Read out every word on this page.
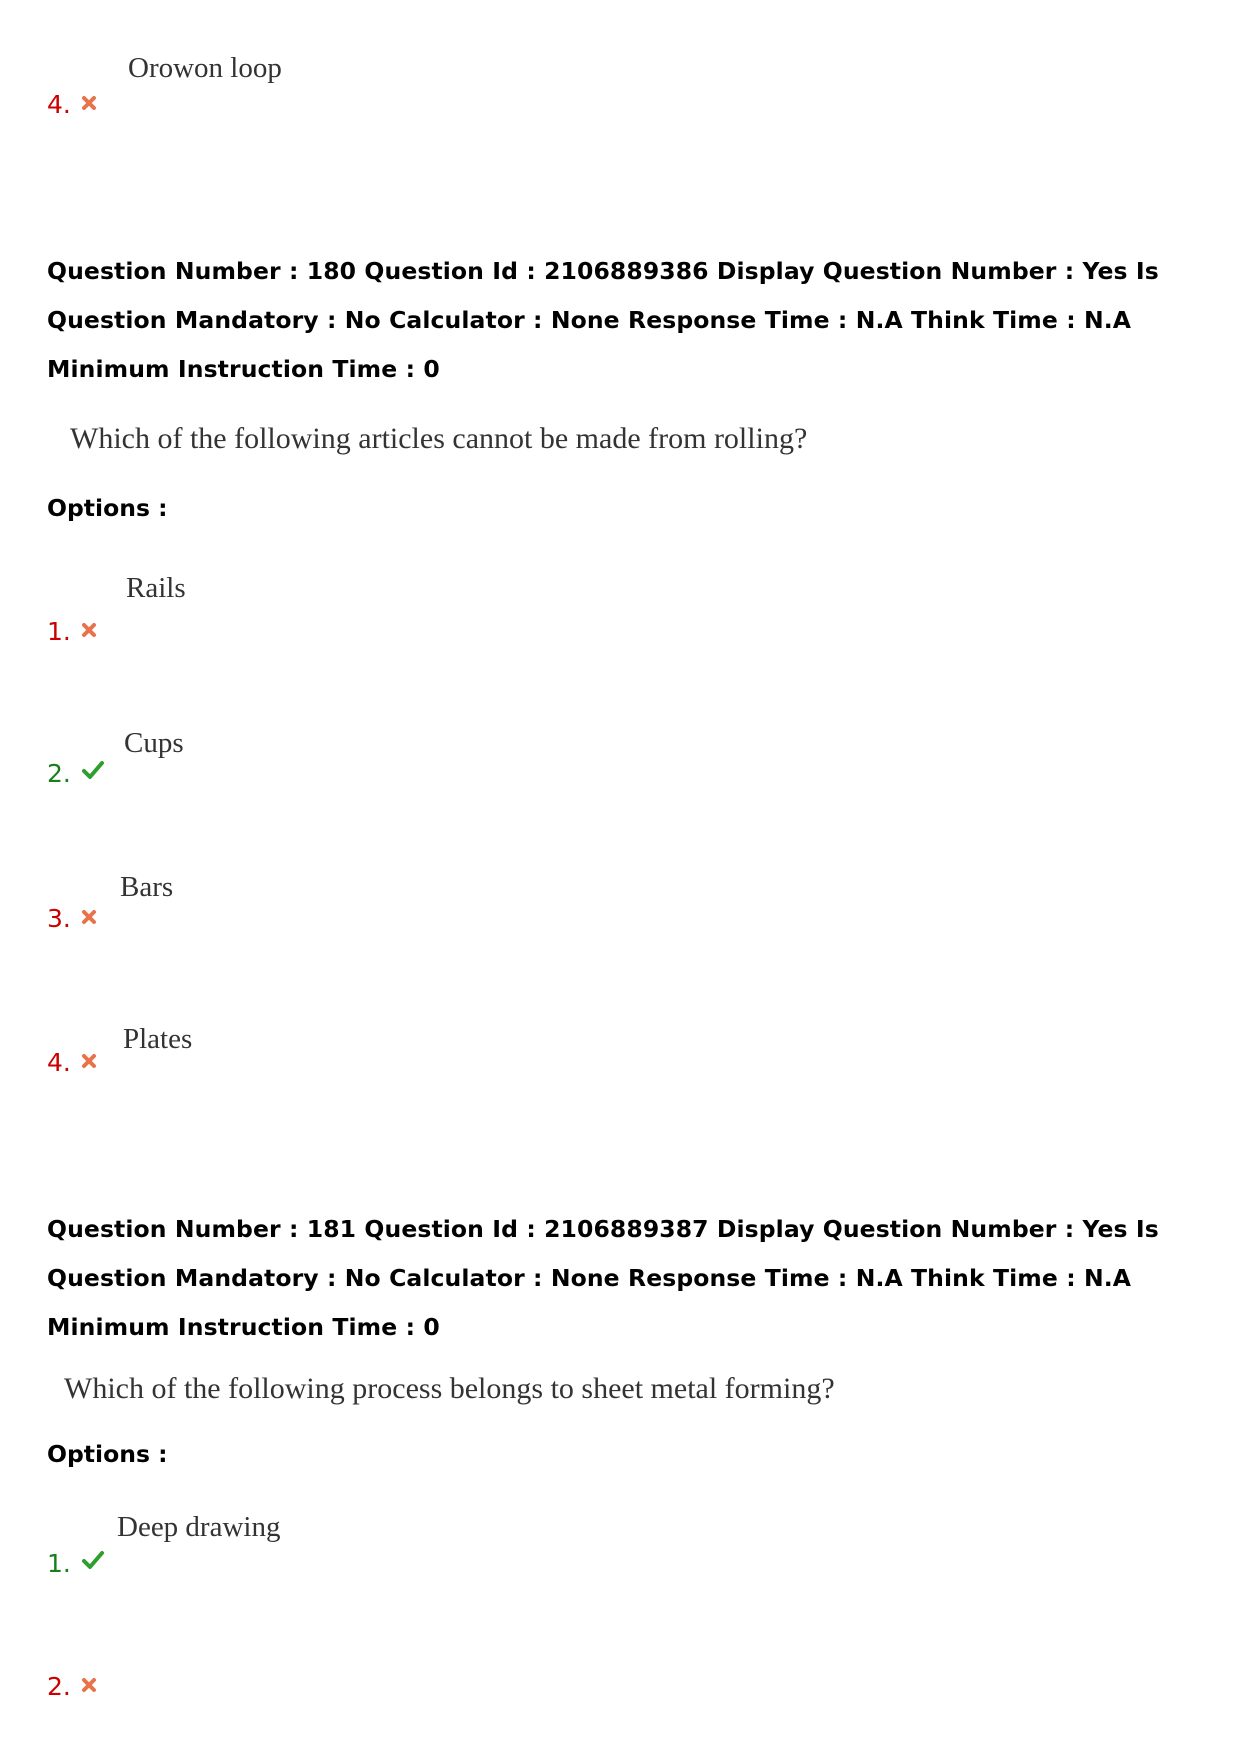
Orowon loop
4.
Question Number : 180 Question Id : 2106889386 Display Question Number : Yes Is Question Mandatory : No Calculator : None Response Time : N.A Think Time : N.A Minimum Instruction Time : 0
Which of the following articles cannot be made from rolling?
Options :
Rails
1.
Cups
2.
Bars
3.
Plates
4.
Question Number : 181 Question Id : 2106889387 Display Question Number : Yes Is Question Mandatory : No Calculator : None Response Time : N.A Think Time : N.A Minimum Instruction Time : 0
Which of the following process belongs to sheet metal forming?
Options :
Deep drawing
1.
2.
